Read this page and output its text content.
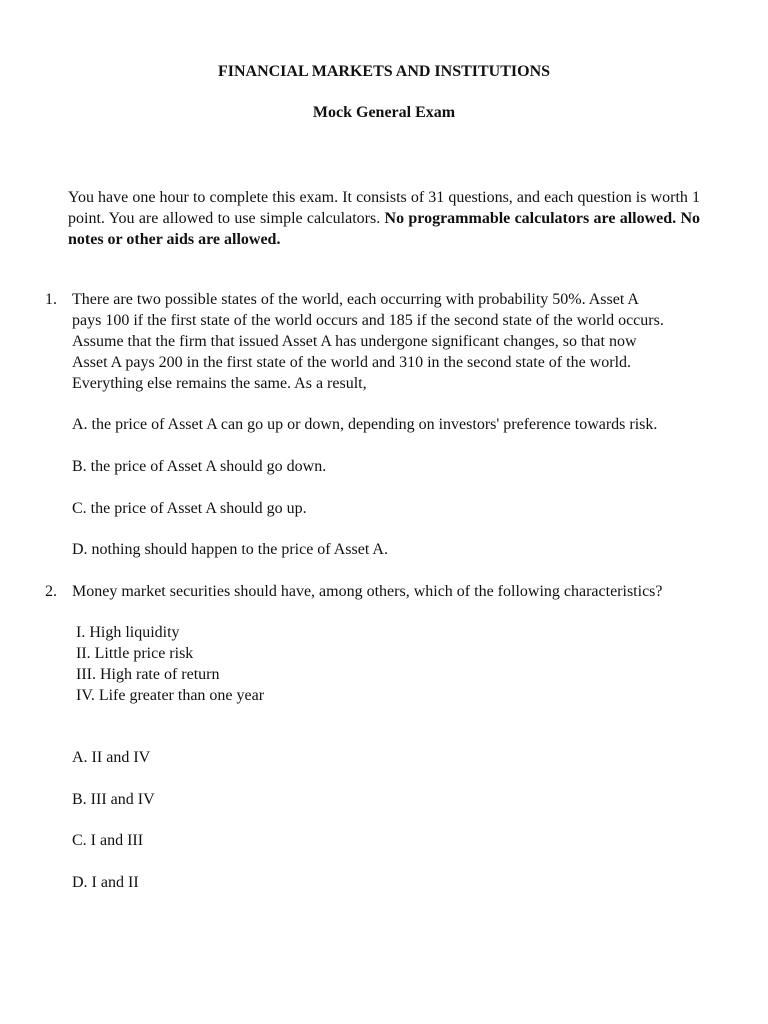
FINANCIAL MARKETS AND INSTITUTIONS
Mock General Exam
You have one hour to complete this exam. It consists of 31 questions, and each question is worth 1 point. You are allowed to use simple calculators. No programmable calculators are allowed. No notes or other aids are allowed.
1. There are two possible states of the world, each occurring with probability 50%. Asset A
pays 100 if the first state of the world occurs and 185 if the second state of the world occurs.
Assume that the firm that issued Asset A has undergone significant changes, so that now
Asset A pays 200 in the first state of the world and 310 in the second state of the world.
Everything else remains the same. As a result,
A. the price of Asset A can go up or down, depending on investors' preference towards risk.
B. the price of Asset A should go down.
C. the price of Asset A should go up.
D. nothing should happen to the price of Asset A.
2. Money market securities should have, among others, which of the following characteristics?
I. High liquidity
II. Little price risk
III. High rate of return
IV. Life greater than one year
A. II and IV
B. III and IV
C. I and III
D. I and II
